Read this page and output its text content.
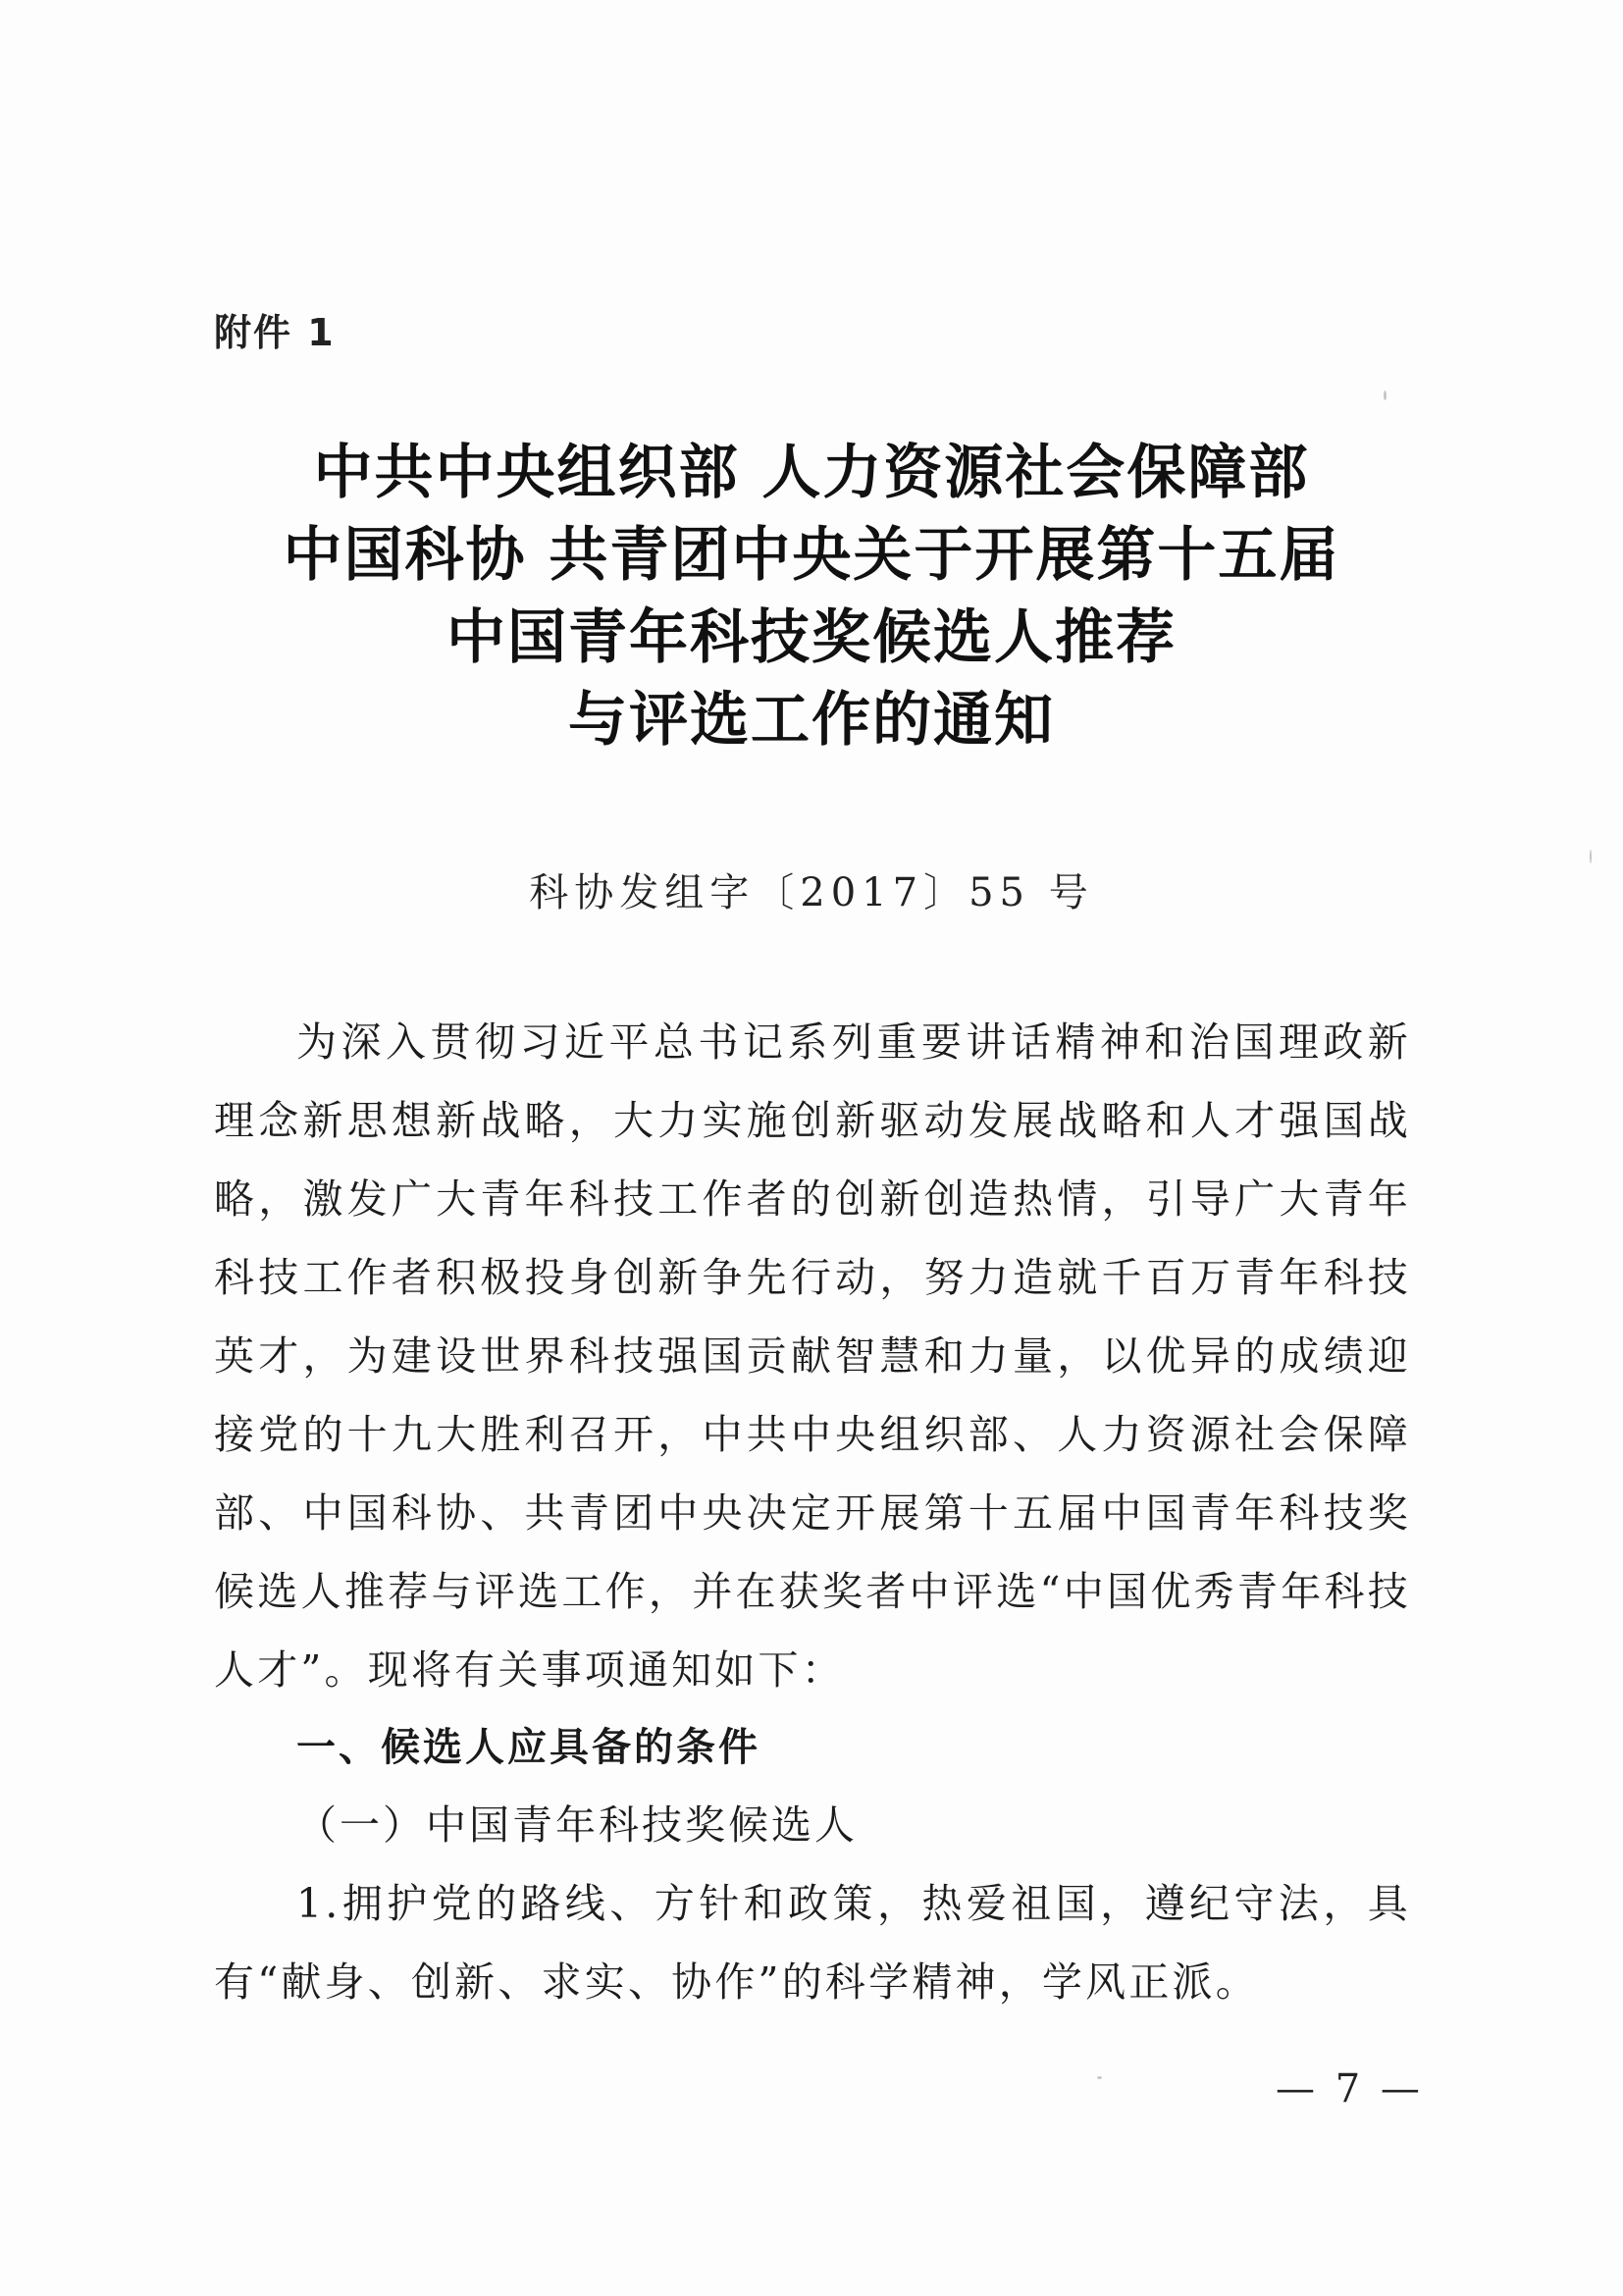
附件 1
中共中央组织部 人力资源社会保障部
中国科协 共青团中央关于开展第十五届
中国青年科技奖候选人推荐
与评选工作的通知
科协发组字〔2017〕55 号

为深入贯彻习近平总书记系列重要讲话精神和治国理政新理念新思想新战略，大力实施创新驱动发展战略和人才强国战略，激发广大青年科技工作者的创新创造热情，引导广大青年科技工作者积极投身创新争先行动，努力造就千百万青年科技英才，为建设世界科技强国贡献智慧和力量，以优异的成绩迎接党的十九大胜利召开，中共中央组织部、人力资源社会保障部、中国科协、共青团中央决定开展第十五届中国青年科技奖候选人推荐与评选工作，并在获奖者中评选“中国优秀青年科技人才”。现将有关事项通知如下：

一、候选人应具备的条件

（一）中国青年科技奖候选人

1.拥护党的路线、方针和政策，热爱祖国，遵纪守法，具有“献身、创新、求实、协作”的科学精神，学风正派。

— 7 —
